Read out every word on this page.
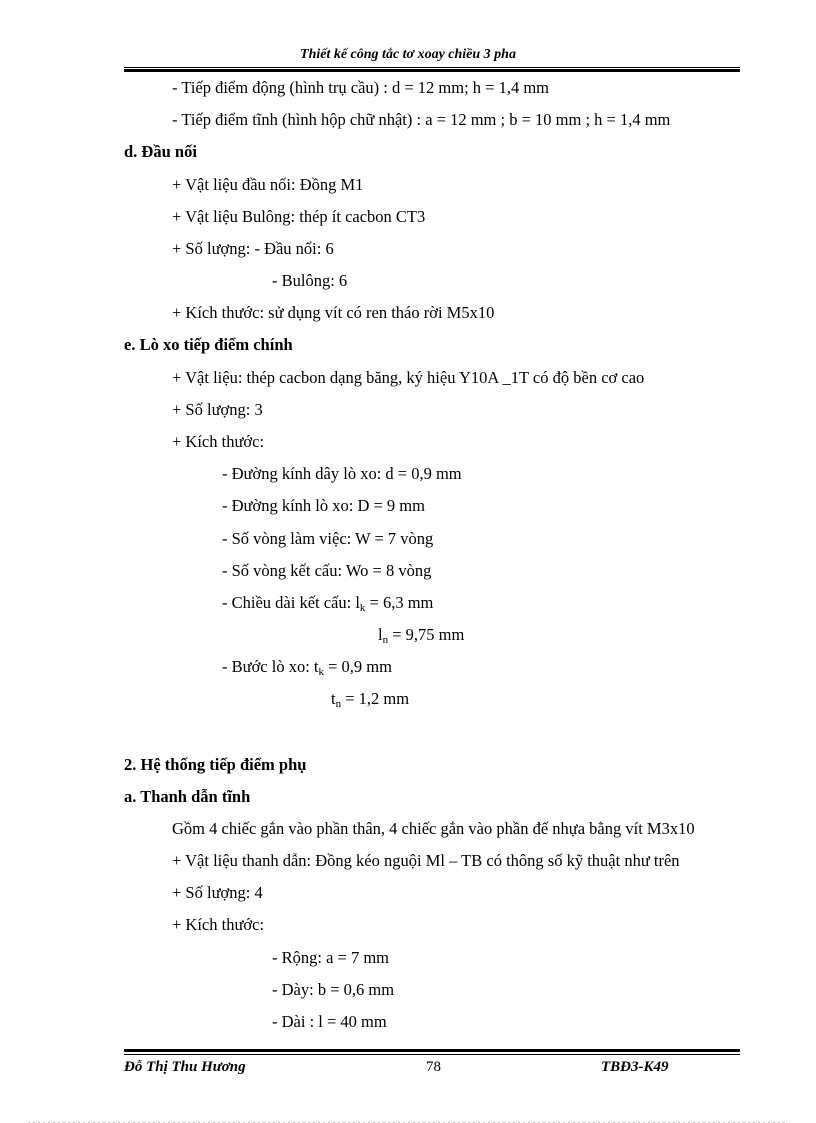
Thiết kế công tắc tơ xoay chiều 3 pha
- Tiếp điểm động (hình trụ cầu) : d = 12 mm; h = 1,4 mm
- Tiếp điểm tĩnh (hình hộp chữ nhật) : a = 12 mm ; b = 10 mm ; h = 1,4 mm
d. Đầu nối
+ Vật liệu đầu nối: Đồng M1
+ Vật liệu Bulông: thép ít cacbon CT3
+ Số lượng: - Đầu nối: 6
- Bulông: 6
+ Kích thước: sử dụng vít có ren tháo rời M5x10
e. Lò xo tiếp điểm chính
+ Vật liệu: thép cacbon dạng băng, ký hiệu Y10A _1T có độ bền cơ cao
+ Số lượng: 3
+ Kích thước:
- Đường kính dây lò xo: d = 0,9 mm
- Đường kính lò xo: D = 9 mm
- Số vòng làm việc: W = 7 vòng
- Số vòng kết cấu: Wo = 8 vòng
- Chiều dài kết cấu: $l_k = 6,3$ mm
$l_n = 9,75$ mm
- Bước lò xo: $t_k = 0,9$ mm
$t_n = 1,2$ mm
2. Hệ thống tiếp điểm phụ
a. Thanh dẫn tĩnh
Gồm 4 chiếc gắn vào phần thân, 4 chiếc gắn vào phần đế nhựa bằng vít M3x10
+ Vật liệu thanh dẫn: Đồng kéo nguội Ml – TB có thông số kỹ thuật như trên
+ Số lượng: 4
+ Kích thước:
- Rộng: a = 7 mm
- Dày: b = 0,6 mm
- Dài : l = 40 mm
Đỗ Thị Thu Hương	78	TBĐ3-K49
